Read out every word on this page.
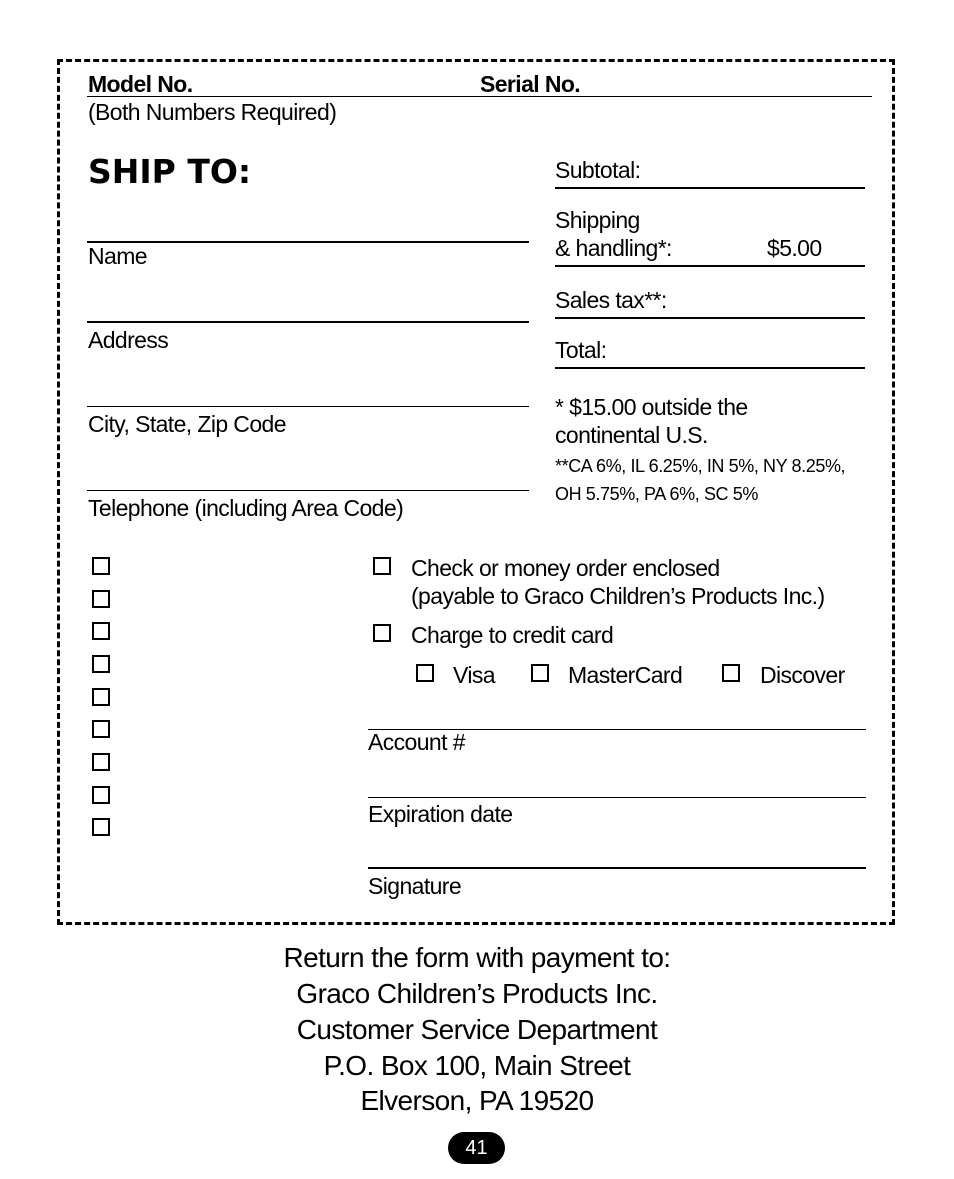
Model No.	Serial No.
(Both Numbers Required)
SHIP TO:
Name
Address
City, State, Zip Code
Telephone (including Area Code)
Subtotal:
Shipping
& handling*:	$5.00
Sales tax**:
Total:
* $15.00 outside the
continental U.S.
**CA 6%, IL 6.25%, IN 5%, NY 8.25%,
OH 5.75%, PA 6%, SC 5%
Check or money order enclosed
(payable to Graco Children’s Products Inc.)
Charge to credit card
Visa	MasterCard	Discover
Account #
Expiration date
Signature
Return the form with payment to:
Graco Children’s Products Inc.
Customer Service Department
P.O. Box 100, Main Street
Elverson, PA 19520
41
